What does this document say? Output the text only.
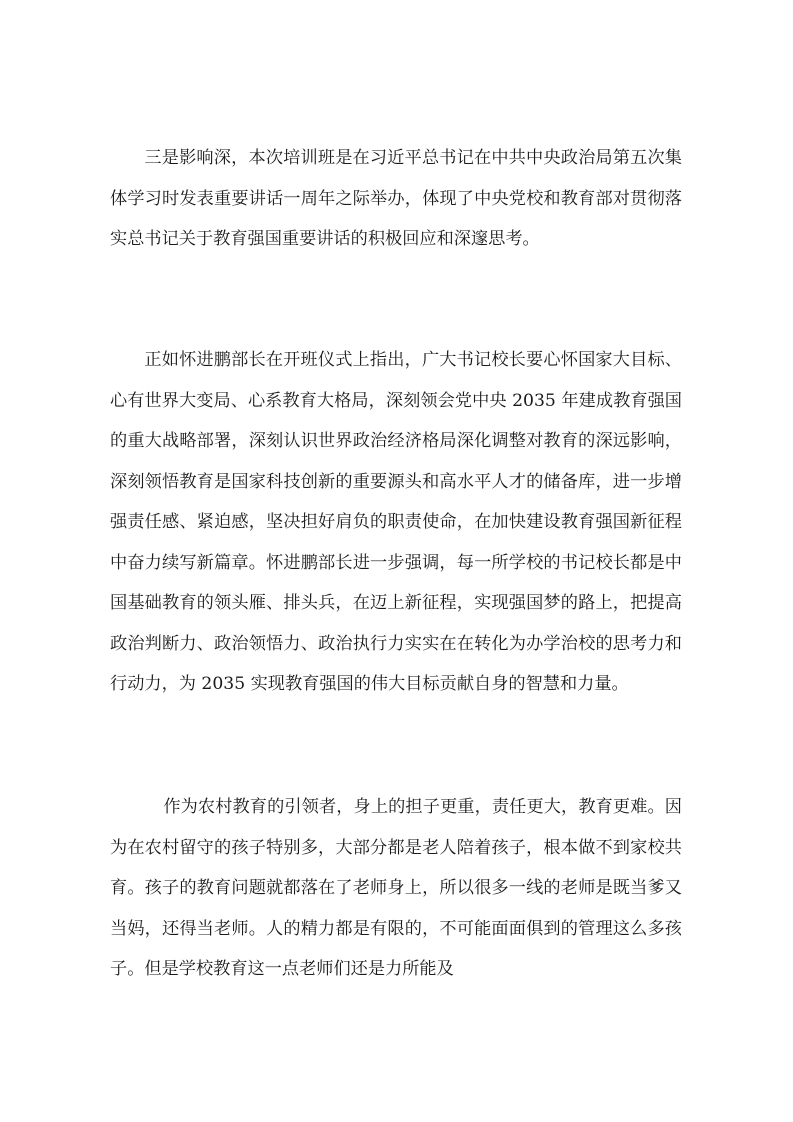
三是影响深，本次培训班是在习近平总书记在中共中央政治局第五次集体学习时发表重要讲话一周年之际举办，体现了中央党校和教育部对贯彻落实总书记关于教育强国重要讲话的积极回应和深邃思考。

正如怀进鹏部长在开班仪式上指出，广大书记校长要心怀国家大目标、心有世界大变局、心系教育大格局，深刻领会党中央 2035 年建成教育强国的重大战略部署，深刻认识世界政治经济格局深化调整对教育的深远影响，深刻领悟教育是国家科技创新的重要源头和高水平人才的储备库，进一步增强责任感、紧迫感，坚决担好肩负的职责使命，在加快建设教育强国新征程中奋力续写新篇章。怀进鹏部长进一步强调，每一所学校的书记校长都是中国基础教育的领头雁、排头兵，在迈上新征程，实现强国梦的路上，把提高政治判断力、政治领悟力、政治执行力实实在在转化为办学治校的思考力和行动力，为 2035 实现教育强国的伟大目标贡献自身的智慧和力量。

作为农村教育的引领者，身上的担子更重，责任更大，教育更难。因为在农村留守的孩子特别多，大部分都是老人陪着孩子，根本做不到家校共育。孩子的教育问题就都落在了老师身上，所以很多一线的老师是既当爹又当妈，还得当老师。人的精力都是有限的，不可能面面俱到的管理这么多孩子。但是学校教育这一点老师们还是力所能及
